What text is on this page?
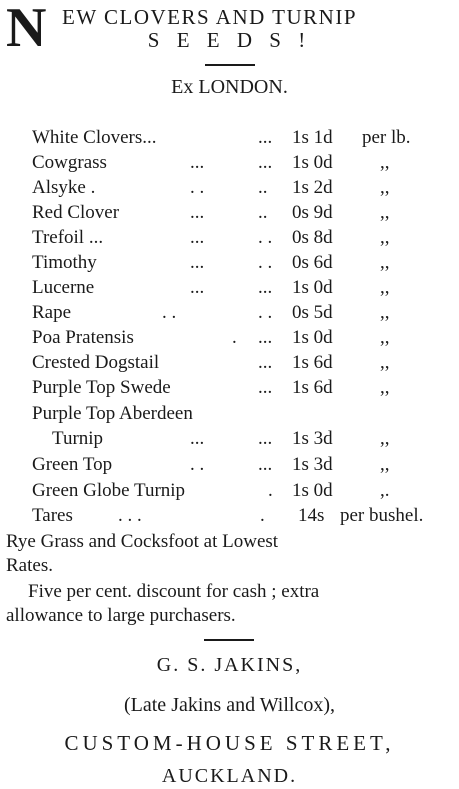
N EW CLOVERS AND TURNIP
S E E D S !
Ex LONDON.
White Clovers...	... 1s 1d per lb.
Cowgrass	...	... 1s 0d ,,
Alsyke .	. .	.. 1s 2d ,,
Red Clover	...	.. 0s 9d ,,
Trefoil ...	...	. . 0s 8d ,,
Timothy	...	. . 0s 6d ,,
Lucerne	...	... 1s 0d ,,
Rape	. .	. . 0s 5d ,,
Poa Pratensis	. ... 1s 0d ,,
Crested Dogstail	... 1s 6d ,,
Purple Top Swede	... 1s 6d ,,
Purple Top Aberdeen
Turnip	...	... 1s 3d ,,
Green Top	. .	... 1s 3d ,,
Green Globe Turnip	. 1s 0d ,.
Tares . . .	. 14s per bushel.
Rye Grass and Cocksfoot at Lowest
Rates.
Five per cent. discount for cash ; extra
allowance to large purchasers.
G. S. JAKINS,
(Late Jakins and Willcox),
CUSTOM-HOUSE STREET,
AUCKLAND.
